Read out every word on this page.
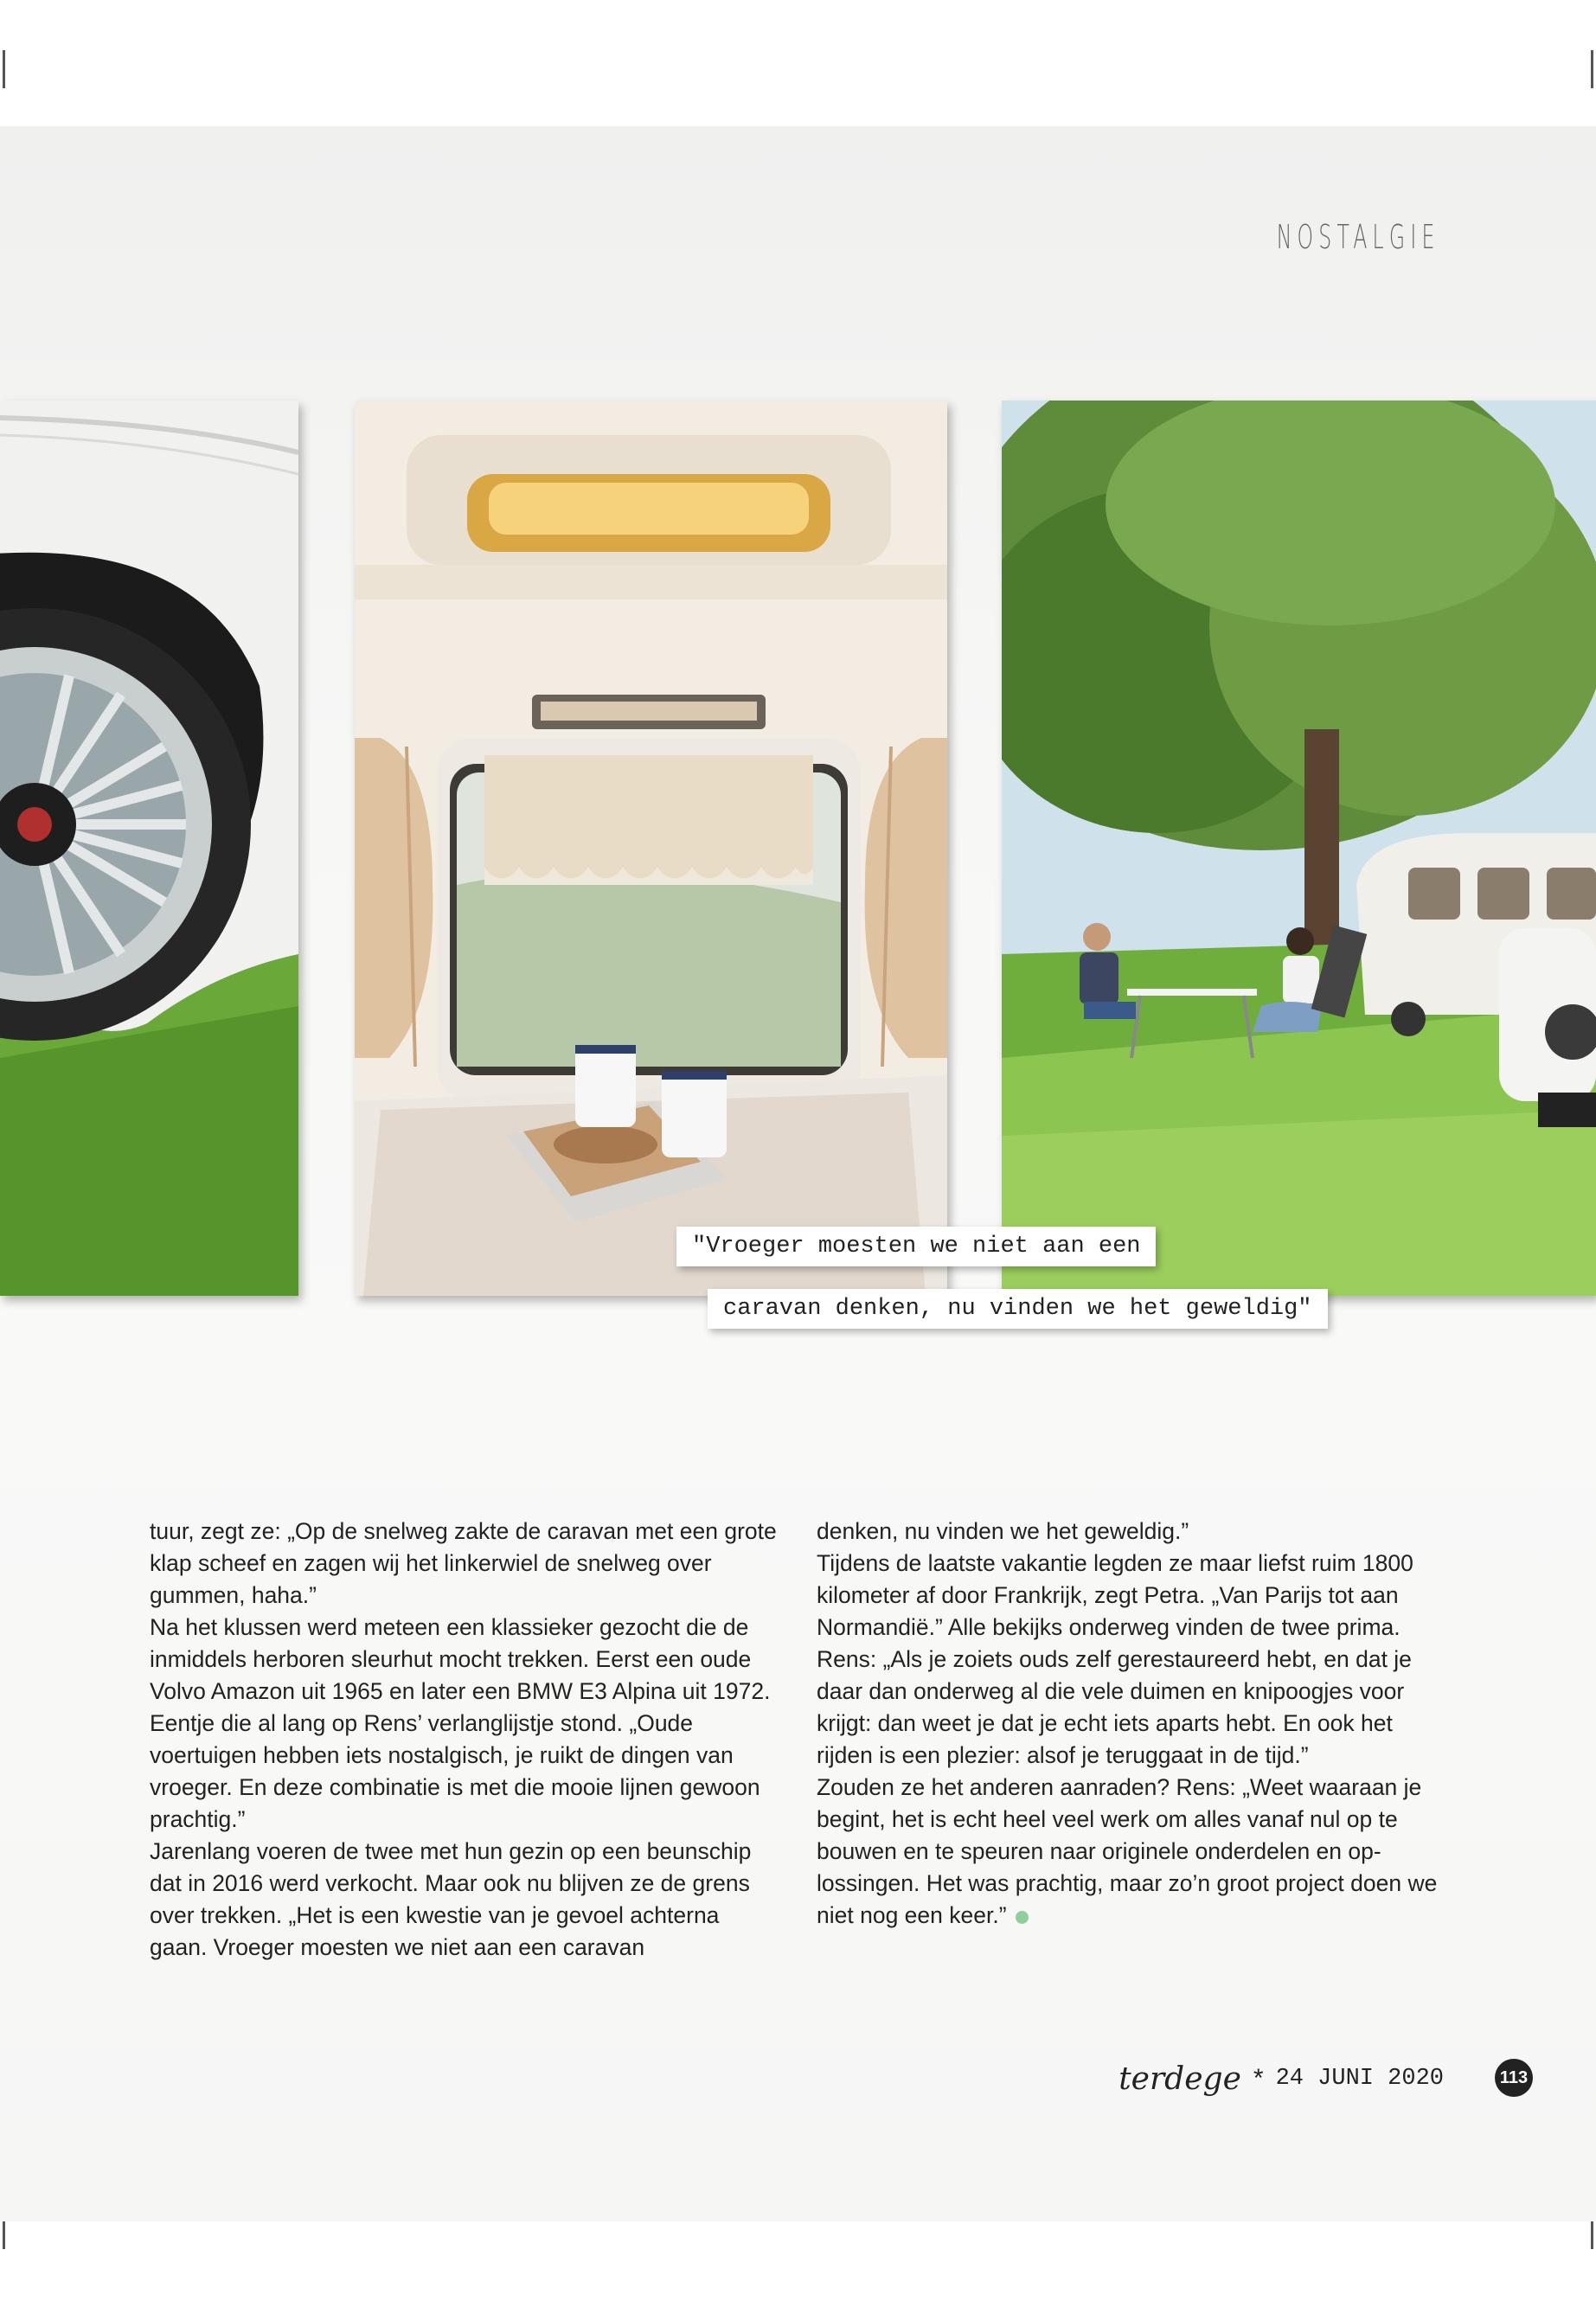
NOSTALGIE
"Vroeger moesten we niet aan een
caravan denken, nu vinden we het geweldig"

tuur, zegt ze: „Op de snelweg zakte de caravan met een grote klap scheef en zagen wij het linkerwiel de snelweg over gummen, haha.”

Na het klussen werd meteen een klassieker gezocht die de inmiddels herboren sleurhut mocht trekken. Eerst een oude Volvo Amazon uit 1965 en later een BMW E3 Alpina uit 1972. Eentje die al lang op Rens’ verlanglijstje stond. „Oude voertuigen hebben iets nostalgisch, je ruikt de dingen van vroeger. En deze combinatie is met die mooie lijnen gewoon prachtig.”

Jarenlang voeren de twee met hun gezin op een beunschip dat in 2016 werd verkocht. Maar ook nu blijven ze de grens over trekken. „Het is een kwestie van je gevoel achterna gaan. Vroeger moesten we niet aan een caravan

denken, nu vinden we het geweldig.”

Tijdens de laatste vakantie legden ze maar liefst ruim 1800 kilometer af door Frankrijk, zegt Petra. „Van Parijs tot aan Normandië.” Alle bekijks onderweg vinden de twee prima. Rens: „Als je zoiets ouds zelf gerestaureerd hebt, en dat je daar dan onderweg al die vele duimen en knipoogjes voor krijgt: dan weet je dat je echt iets aparts hebt. En ook het rijden is een plezier: alsof je teruggaat in de tijd.”

Zouden ze het anderen aanraden? Rens: „Weet waaraan je begint, het is echt heel veel werk om alles vanaf nul op te bouwen en te speuren naar originele onderdelen en oplossingen. Het was prachtig, maar zo’n groot project doen we niet nog een keer.”

terdege * 24 JUNI 2020	113
